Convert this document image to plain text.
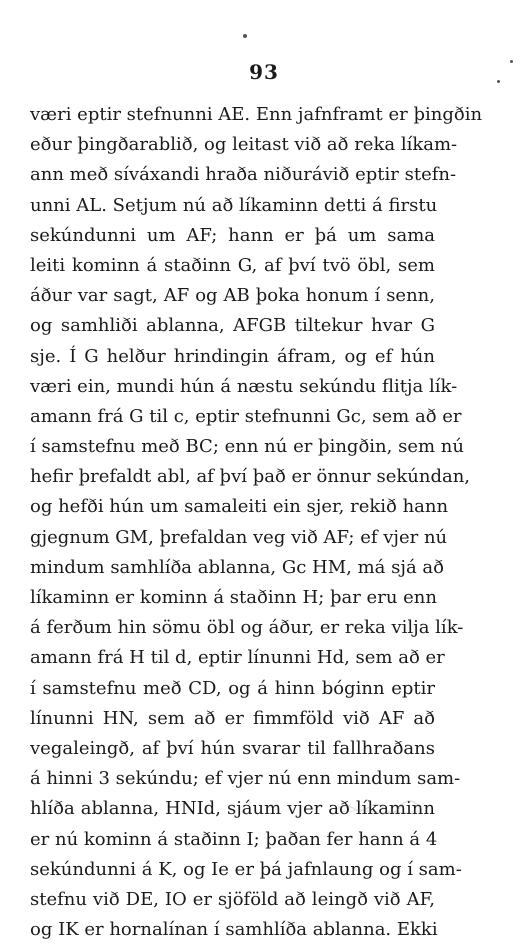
93
væri eptir stefnunni AE. Enn jafnframt er þingðin
eður þingðarablið, og leitast við að reka líkam-
ann með síváxandi hraða niðurávið eptir stefn-
unni AL. Setjum nú að líkaminn detti á firstu
sekúndunni um AF; hann er þá um sama
leiti kominn á staðinn G, af því tvö öbl, sem
áður var sagt, AF og AB þoka honum í senn,
og samhliði ablanna, AFGB tiltekur hvar G
sje. Í G helður hrindingin áfram, og ef hún
væri ein, mundi hún á næstu sekúndu flitja lík-
amann frá G til c, eptir stefnunni Gc, sem að er
í samstefnu með BC; enn nú er þingðin, sem nú
hefir þrefaldt abl, af því það er önnur sekúndan,
og hefði hún um samaleiti ein sjer, rekið hann
gjegnum GM, þrefaldan veg við AF; ef vjer nú
mindum samhlíða ablanna, Gc HM, má sjá að
líkaminn er kominn á staðinn H; þar eru enn
á ferðum hin sömu öbl og áður, er reka vilja lík-
amann frá H til d, eptir línunni Hd, sem að er
í samstefnu með CD, og á hinn bóginn eptir
línunni HN, sem að er fimmföld við AF að
vegaleingð, af því hún svarar til fallhraðans
á hinni 3 sekúndu; ef vjer nú enn mindum sam-
hlíða ablanna, HNId, sjáum vjer að líkaminn
er nú kominn á staðinn I; þaðan fer hann á 4
sekúndunni á K, og Ie er þá jafnlaung og í sam-
stefnu við DE, IO er sjöföld að leingð við AF,
og IK er hornalínan í samhlíða ablanna. Ekki
